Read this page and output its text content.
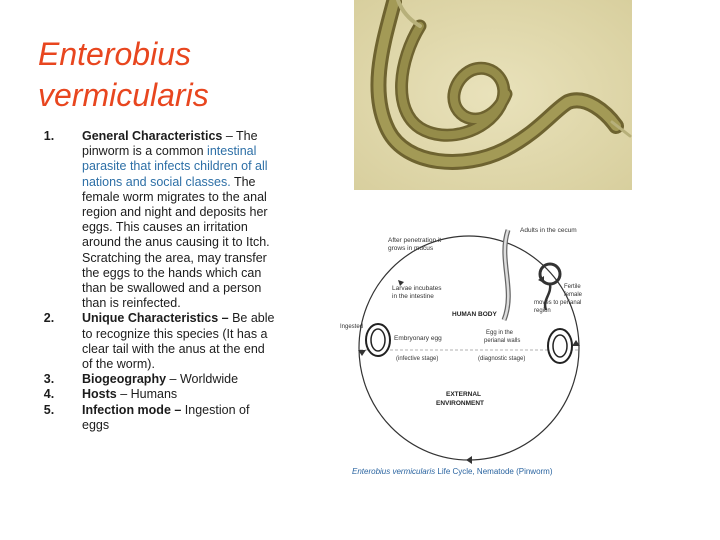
Enterobius
vermicularis
1.	General Characteristics – The pinworm is a common intestinal parasite that infects children of all nations and social classes. The female worm migrates to the anal region and night and deposits her eggs. This causes an irritation around the anus causing it to Itch. Scratching the area, may transfer the eggs to the hands which can than be swallowed and a person than is reinfected.
2.	Unique Characteristics – Be able to recognize this species (It has a clear tail with the anus at the end of the worm).
3.	Biogeography – Worldwide
4.	Hosts – Humans
5.	Infection mode – Ingestion of eggs
Adults in the cecum
After penetration it
grows in mucus
Larvae incubates
in the intestine
HUMAN BODY
Fertile
female
moves to perianal
region
Ingested
Embryonary egg
(infective stage)
Egg in the
perianal walls
(diagnostic stage)
EXTERNAL
ENVIRONMENT
Enterobius vermicularis Life Cycle, Nematode (Pinworm)
